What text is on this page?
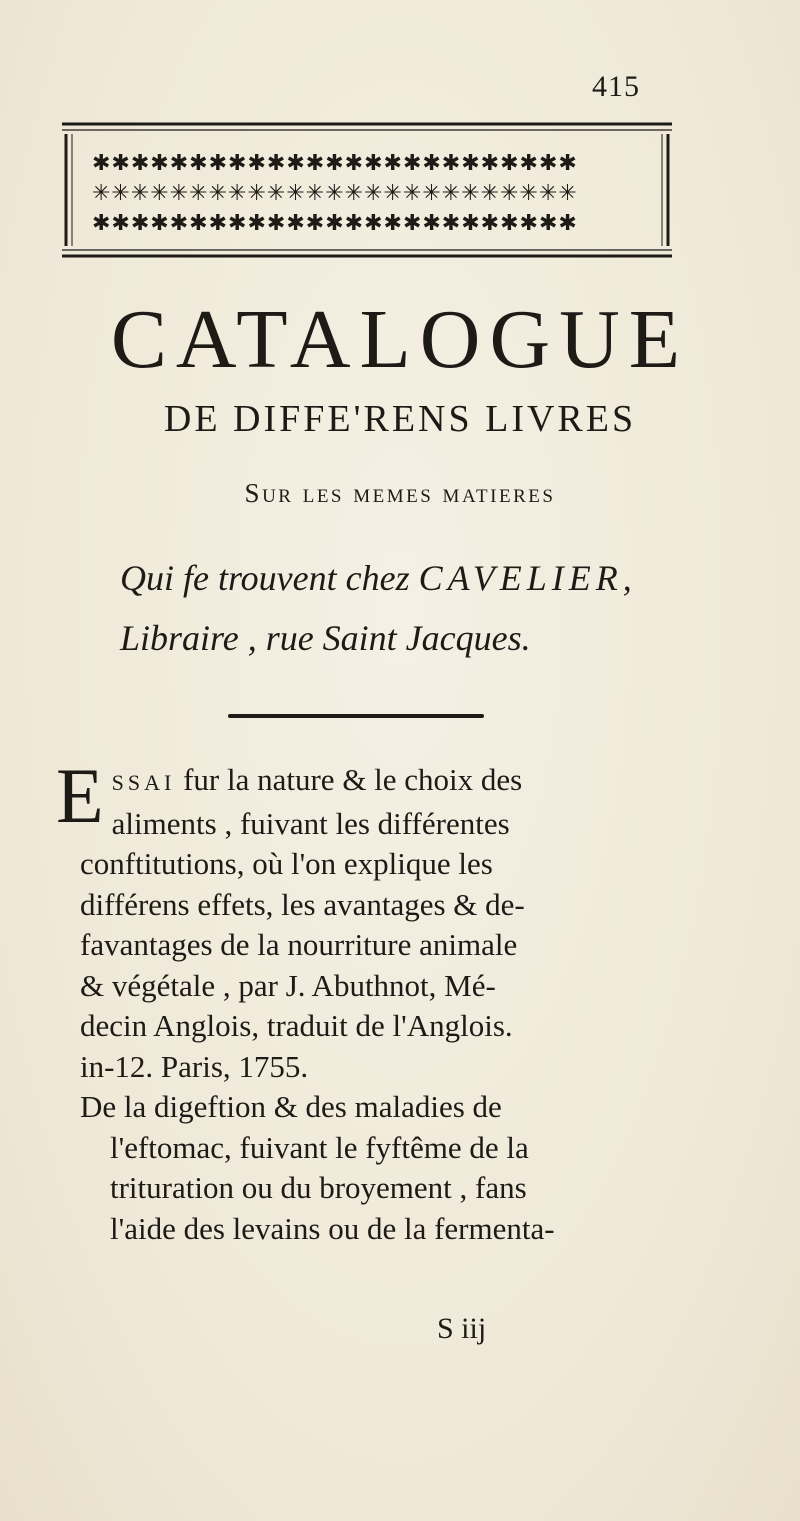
415
✱✱✱✱✱✱✱✱✱✱✱✱✱✱✱✱✱✱✱✱✱✱✱✱✱
✳✳✳✳✳✳✳✳✳✳✳✳✳✳✳✳✳✳✳✳✳✳✳✳✳
✱✱✱✱✱✱✱✱✱✱✱✱✱✱✱✱✱✱✱✱✱✱✱✱✱
CATALOGUE
DE DIFFE'RENS LIVRES
Sur les memes matieres
Qui fe trouvent chez CAVELIER,
Libraire , rue Saint Jacques.
E SSAI fur la nature & le choix des
aliments , fuivant les différentes
conftitutions, où l'on explique les
différens effets, les avantages & de-
favantages de la nourriture animale
& végétale , par J. Abuthnot, Mé-
decin Anglois, traduit de l'Anglois.
in-12. Paris, 1755.
De la digeftion & des maladies de
l'eftomac, fuivant le fyftême de la
trituration ou du broyement , fans
l'aide des levains ou de la fermenta-
S iij
